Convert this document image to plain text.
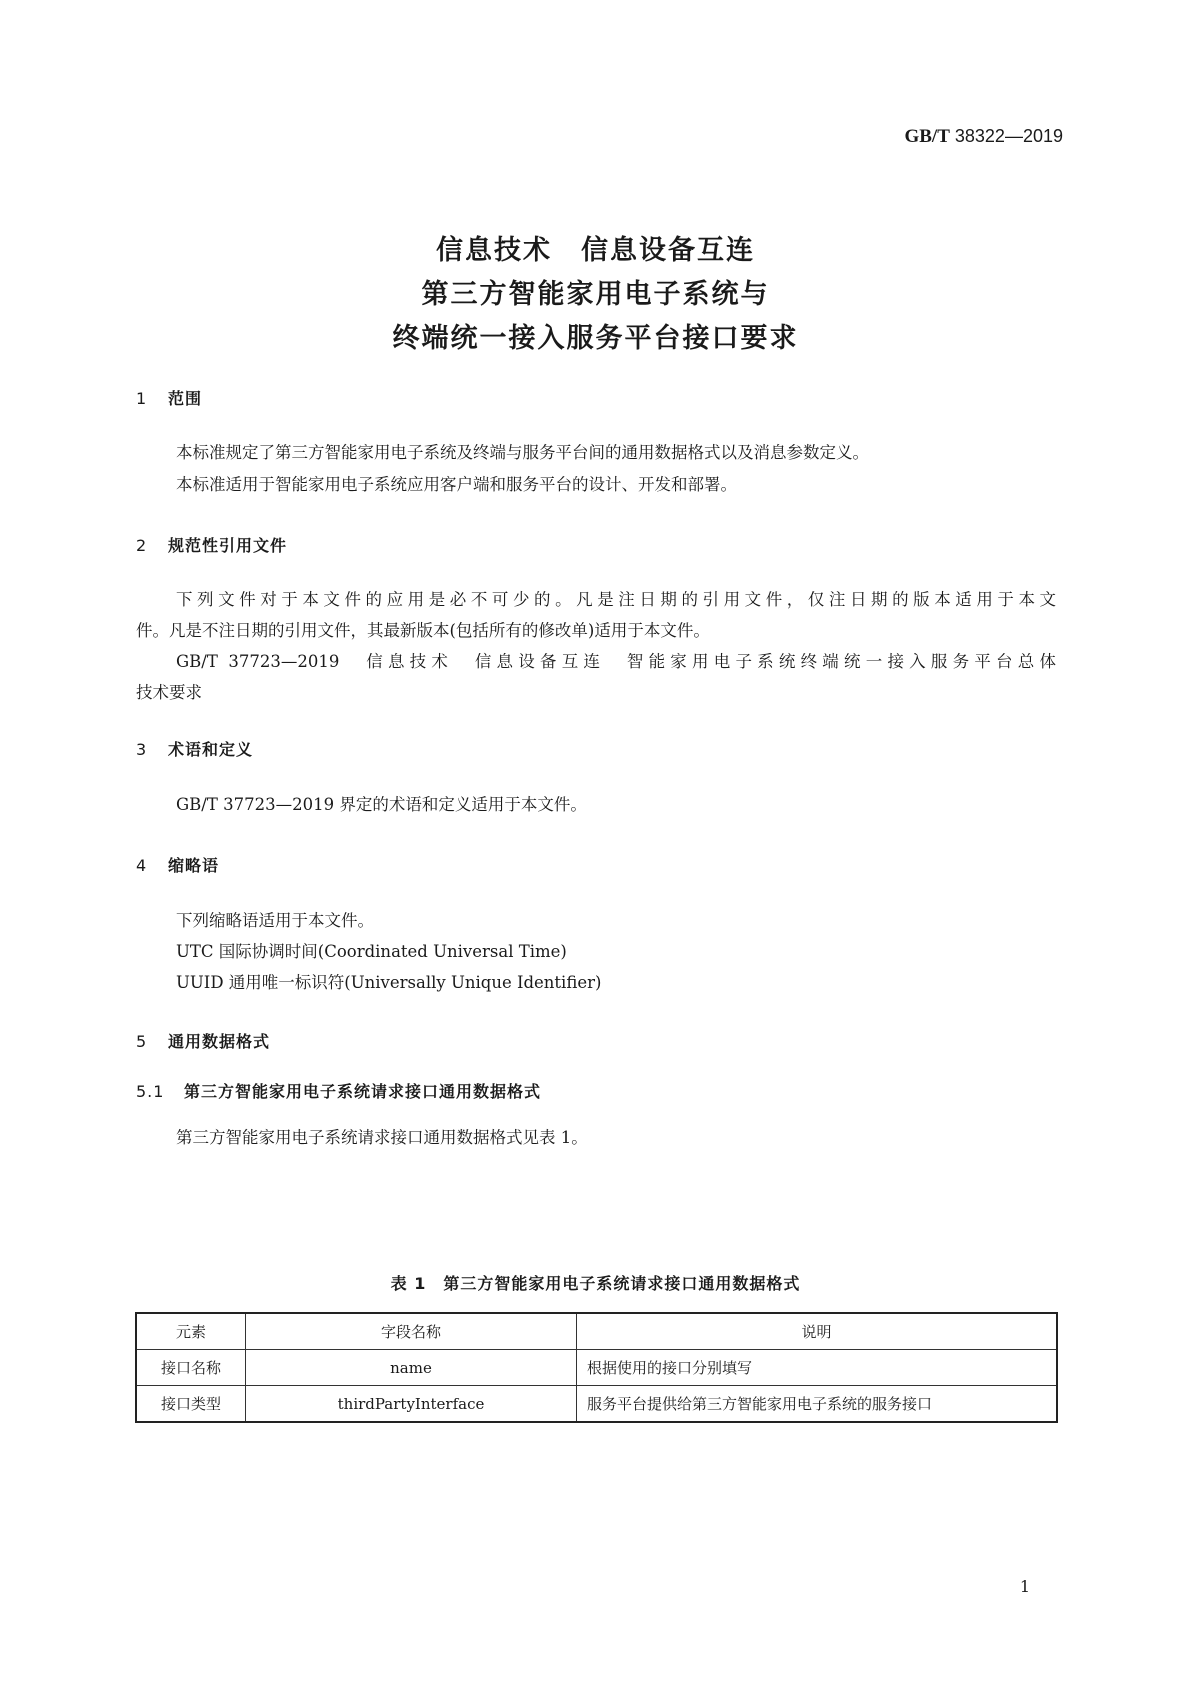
GB/T 38322—2019
信息技术　信息设备互连
第三方智能家用电子系统与
终端统一接入服务平台接口要求
1 范围
本标准规定了第三方智能家用电子系统及终端与服务平台间的通用数据格式以及消息参数定义。
本标准适用于智能家用电子系统应用客户端和服务平台的设计、开发和部署。
2 规范性引用文件
下列文件对于本文件的应用是必不可少的。凡是注日期的引用文件，仅注日期的版本适用于本文
件。凡是不注日期的引用文件，其最新版本(包括所有的修改单)适用于本文件。
GB/T 37723—2019　信息技术　信息设备互连　智能家用电子系统终端统一接入服务平台总体
技术要求
3 术语和定义
GB/T 37723—2019 界定的术语和定义适用于本文件。
4 缩略语
下列缩略语适用于本文件。
UTC 国际协调时间(Coordinated Universal Time)
UUID 通用唯一标识符(Universally Unique Identifier)
5 通用数据格式
5.1 第三方智能家用电子系统请求接口通用数据格式
第三方智能家用电子系统请求接口通用数据格式见表 1。
表 1　第三方智能家用电子系统请求接口通用数据格式
元素	字段名称	说明
接口名称	name	根据使用的接口分别填写
接口类型	thirdPartyInterface	服务平台提供给第三方智能家用电子系统的服务接口
1
